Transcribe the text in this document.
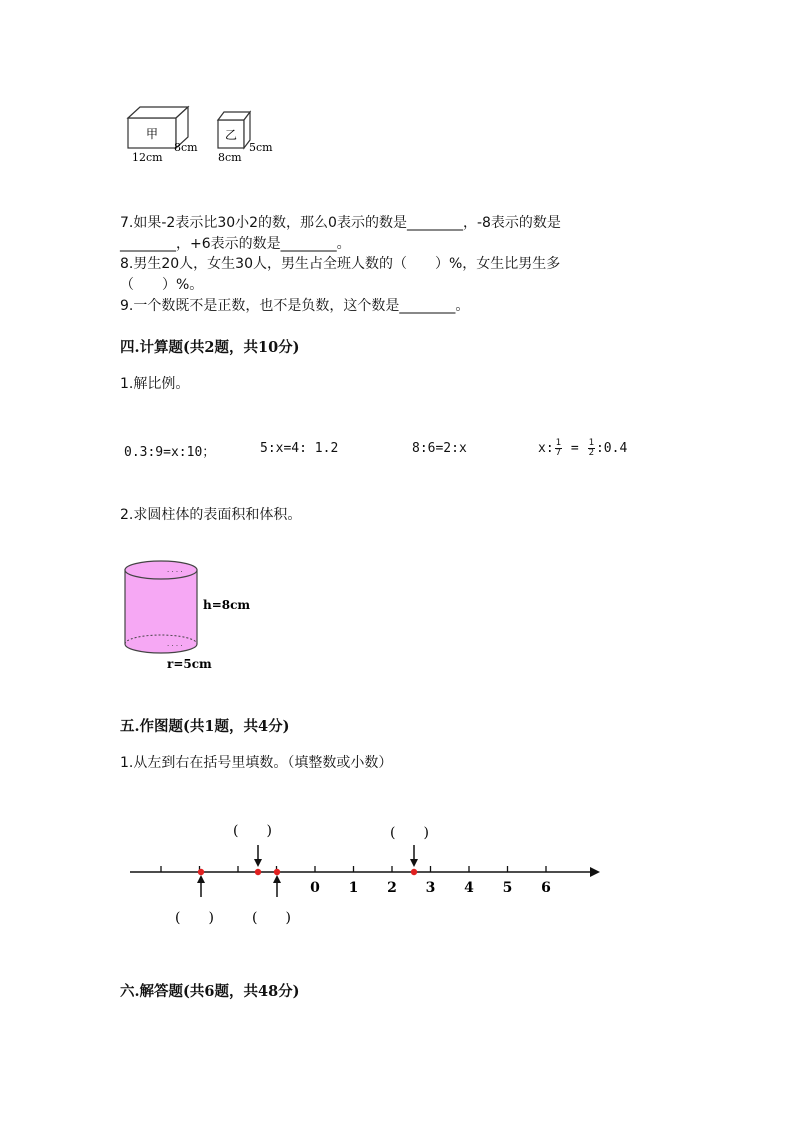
甲
12cm
8cm
乙
8cm
5cm
7.如果-2表示比30小2的数，那么0表示的数是________，-8表示的数是
________，+6表示的数是________。
8.男生20人，女生30人，男生占全班人数的（　　）%，女生比男生多
（　　）%。
9.一个数既不是正数，也不是负数，这个数是________。
四.计算题(共2题，共10分)
1.解比例。
0.3:9=x:10；	5:x=4: 1.2	8:6=2:x	x: $\frac{1}{7} = \frac{1}{2}$ :0.4
2.求圆柱体的表面积和体积。
· · · ·
· · · ·
h=8cm
r=5cm
五.作图题(共1题，共4分)
1.从左到右在括号里填数。（填整数或小数）
0 1 2 3 4 5 6
(　　)	(　　)
(　　)	(　　)
六.解答题(共6题，共48分)
